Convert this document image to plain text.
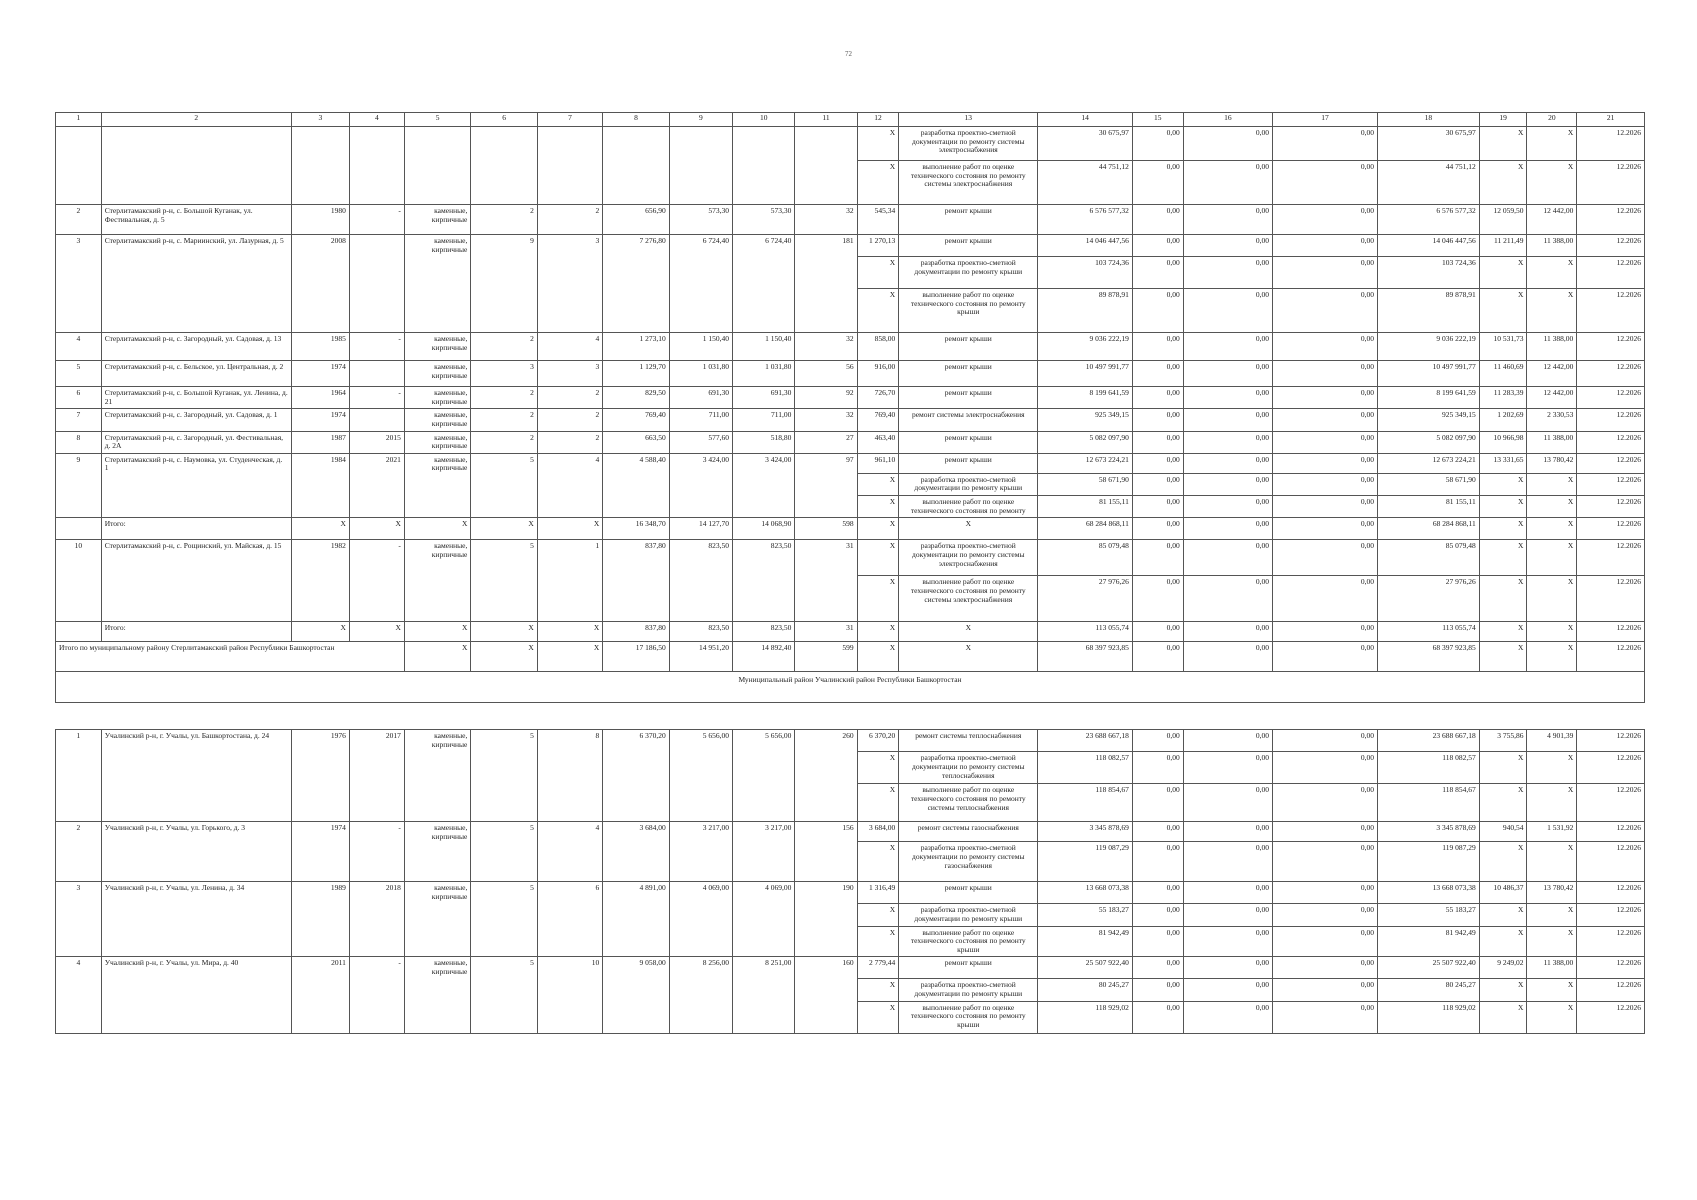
72
1	2	3	4	5	6	7	8	9	10	11	12	13	14	15	16	17	18	19	20	21
											X	разработка проектно-сметной документации по ремонту системы электроснабжения	30 675,97	0,00	0,00	0,00	30 675,97	X	X	12.2026
											X	выполнение работ по оценке технического состояния по ремонту системы электроснабжения	44 751,12	0,00	0,00	0,00	44 751,12	X	X	12.2026
2	Стерлитамакский р-н, с. Большой Куганак, ул. Фестивальная, д. 5	1980	-	каменные, кирпичные	2	2	656,90	573,30	573,30	32	545,34	ремонт крыши	6 576 577,32	0,00	0,00	0,00	6 576 577,32	12 059,50	12 442,00	12.2026
3	Стерлитамакский р-н, с. Мариинский, ул. Лазурная, д. 5	2008		каменные, кирпичные	9	3	7 276,80	6 724,40	6 724,40	181	1 270,13	ремонт крыши	14 046 447,56	0,00	0,00	0,00	14 046 447,56	11 211,49	11 388,00	12.2026
											X	разработка проектно-сметной документации по ремонту крыши	103 724,36	0,00	0,00	0,00	103 724,36	X	X	12.2026
											X	выполнение работ по оценке технического состояния по ремонту крыши	89 878,91	0,00	0,00	0,00	89 878,91	X	X	12.2026
4	Стерлитамакский р-н, с. Загородный, ул. Садовая, д. 13	1985	-	каменные, кирпичные	2	4	1 273,10	1 150,40	1 150,40	32	858,00	ремонт крыши	9 036 222,19	0,00	0,00	0,00	9 036 222,19	10 531,73	11 388,00	12.2026
5	Стерлитамакский р-н, с. Бельское, ул. Центральная, д. 2	1974		каменные, кирпичные	3	3	1 129,70	1 031,80	1 031,80	56	916,00	ремонт крыши	10 497 991,77	0,00	0,00	0,00	10 497 991,77	11 460,69	12 442,00	12.2026
6	Стерлитамакский р-н, с. Большой Куганак, ул. Ленина, д. 21	1964	-	каменные, кирпичные	2	2	829,50	691,30	691,30	92	726,70	ремонт крыши	8 199 641,59	0,00	0,00	0,00	8 199 641,59	11 283,39	12 442,00	12.2026
7	Стерлитамакский р-н, с. Загородный, ул. Садовая, д. 1	1974		каменные, кирпичные	2	2	769,40	711,00	711,00	32	769,40	ремонт системы электроснабжения	925 349,15	0,00	0,00	0,00	925 349,15	1 202,69	2 330,53	12.2026
8	Стерлитамакский р-н, с. Загородный, ул. Фестивальная, д. 2А	1987	2015	каменные, кирпичные	2	2	663,50	577,60	518,80	27	463,40	ремонт крыши	5 082 097,90	0,00	0,00	0,00	5 082 097,90	10 966,98	11 388,00	12.2026
9	Стерлитамакский р-н, с. Наумовка, ул. Студенческая, д. 1	1984	2021	каменные, кирпичные	5	4	4 588,40	3 424,00	3 424,00	97	961,10	ремонт крыши	12 673 224,21	0,00	0,00	0,00	12 673 224,21	13 331,65	13 780,42	12.2026
											X	разработка проектно-сметной документации по ремонту крыши	58 671,90	0,00	0,00	0,00	58 671,90	X	X	12.2026
											X	выполнение работ по оценке технического состояния по ремонту	81 155,11	0,00	0,00	0,00	81 155,11	X	X	12.2026
	Итого:	X	X	X	X	X	16 348,70	14 127,70	14 068,90	598	X	X	68 284 868,11	0,00	0,00	0,00	68 284 868,11	X	X	12.2026
10	Стерлитамакский р-н, с. Рощинский, ул. Майская, д. 15	1982	-	каменные, кирпичные	5	1	837,80	823,50	823,50	31	X	разработка проектно-сметной документации по ремонту системы электроснабжения	85 079,48	0,00	0,00	0,00	85 079,48	X	X	12.2026
											X	выполнение работ по оценке технического состояния по ремонту системы электроснабжения	27 976,26	0,00	0,00	0,00	27 976,26	X	X	12.2026
	Итого:	X	X	X	X	X	837,80	823,50	823,50	31	X	X	113 055,74	0,00	0,00	0,00	113 055,74	X	X	12.2026
Итого по муниципальному району Стерлитамакский район Республики Башкортостан				X	X	X	17 186,50	14 951,20	14 892,40	599	X	X	68 397 923,85	0,00	0,00	0,00	68 397 923,85	X	X	12.2026
Муниципальный район Учалинский район Республики Башкортостан																				

1	Учалинский р-н, г. Учалы, ул. Башкортостана, д. 24	1976	2017	каменные, кирпичные	5	8	6 370,20	5 656,00	5 656,00	260	6 370,20	ремонт системы теплоснабжения	23 688 667,18	0,00	0,00	0,00	23 688 667,18	3 755,86	4 901,39	12.2026
											X	разработка проектно-сметной документации по ремонту системы теплоснабжения	118 082,57	0,00	0,00	0,00	118 082,57	X	X	12.2026
											X	выполнение работ по оценке технического состояния по ремонту системы теплоснабжения	118 854,67	0,00	0,00	0,00	118 854,67	X	X	12.2026
2	Учалинский р-н, г. Учалы, ул. Горького, д. 3	1974	-	каменные, кирпичные	5	4	3 684,00	3 217,00	3 217,00	156	3 684,00	ремонт системы газоснабжения	3 345 878,69	0,00	0,00	0,00	3 345 878,69	940,54	1 531,92	12.2026
											X	разработка проектно-сметной документации по ремонту системы газоснабжения	119 087,29	0,00	0,00	0,00	119 087,29	X	X	12.2026
3	Учалинский р-н, г. Учалы, ул. Ленина, д. 34	1989	2018	каменные, кирпичные	5	6	4 891,00	4 069,00	4 069,00	190	1 316,49	ремонт крыши	13 668 073,38	0,00	0,00	0,00	13 668 073,38	10 486,37	13 780,42	12.2026
											X	разработка проектно-сметной документации по ремонту крыши	55 183,27	0,00	0,00	0,00	55 183,27	X	X	12.2026
											X	выполнение работ по оценке технического состояния по ремонту крыши	81 942,49	0,00	0,00	0,00	81 942,49	X	X	12.2026
4	Учалинский р-н, г. Учалы, ул. Мира, д. 40	2011	-	каменные, кирпичные	5	10	9 058,00	8 256,00	8 251,00	160	2 779,44	ремонт крыши	25 507 922,40	0,00	0,00	0,00	25 507 922,40	9 249,02	11 388,00	12.2026
											X	разработка проектно-сметной документации по ремонту крыши	80 245,27	0,00	0,00	0,00	80 245,27	X	X	12.2026
											X	выполнение работ по оценке технического состояния по ремонту крыши	118 929,02	0,00	0,00	0,00	118 929,02	X	X	12.2026
